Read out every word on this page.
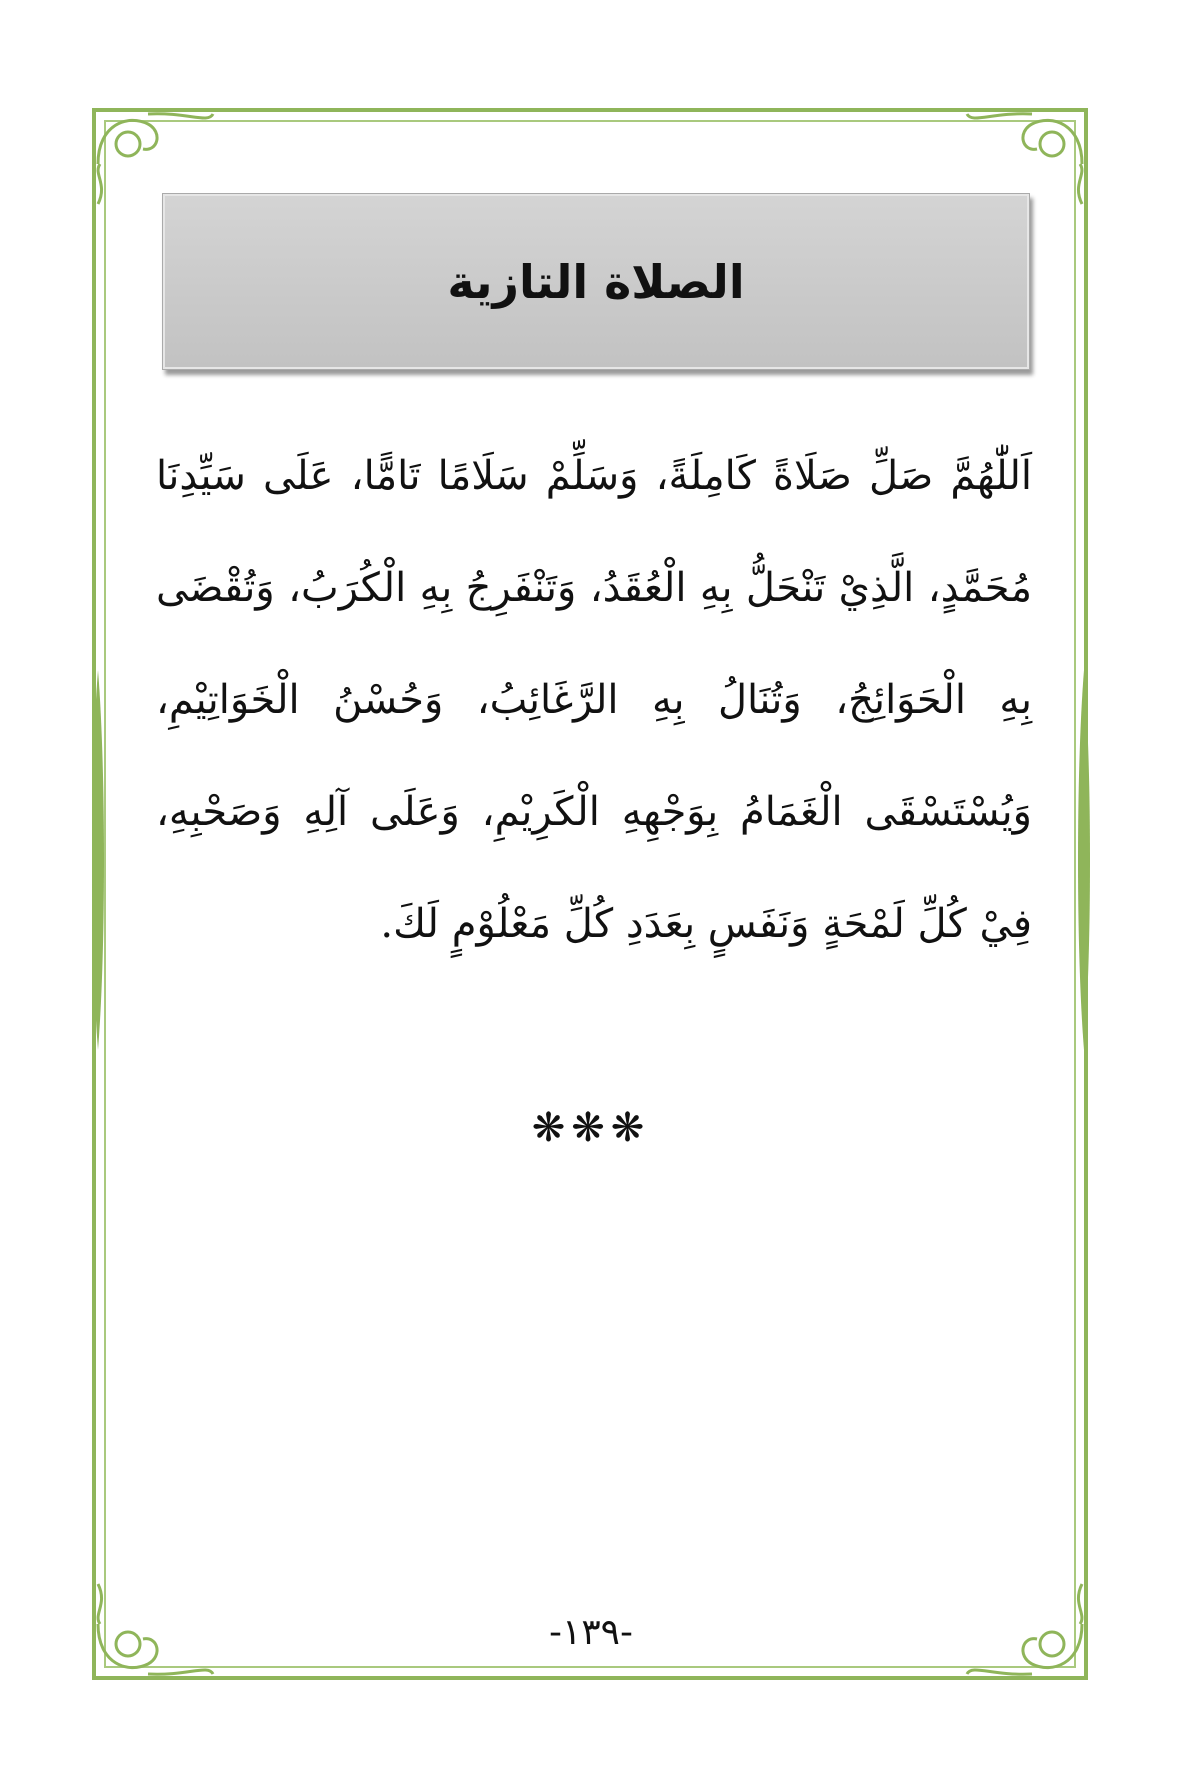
الصلاة التازية
اَللّٰهُمَّ صَلِّ صَلَاةً كَامِلَةً، وَسَلِّمْ سَلَامًا تَامًّا، عَلَى سَيِّدِنَا مُحَمَّدٍ، الَّذِيْ تَنْحَلُّ بِهِ الْعُقَدُ، وَتَنْفَرِجُ بِهِ الْكُرَبُ، وَتُقْضَى بِهِ الْحَوَائِجُ، وَتُنَالُ بِهِ الرَّغَائِبُ، وَحُسْنُ الْخَوَاتِيْمِ، وَيُسْتَسْقَى الْغَمَامُ بِوَجْهِهِ الْكَرِيْمِ، وَعَلَى آلِهِ وَصَحْبِهِ، فِيْ كُلِّ لَمْحَةٍ وَنَفَسٍ بِعَدَدِ كُلِّ مَعْلُوْمٍ لَكَ.
❋❋❋
-١٣٩-
